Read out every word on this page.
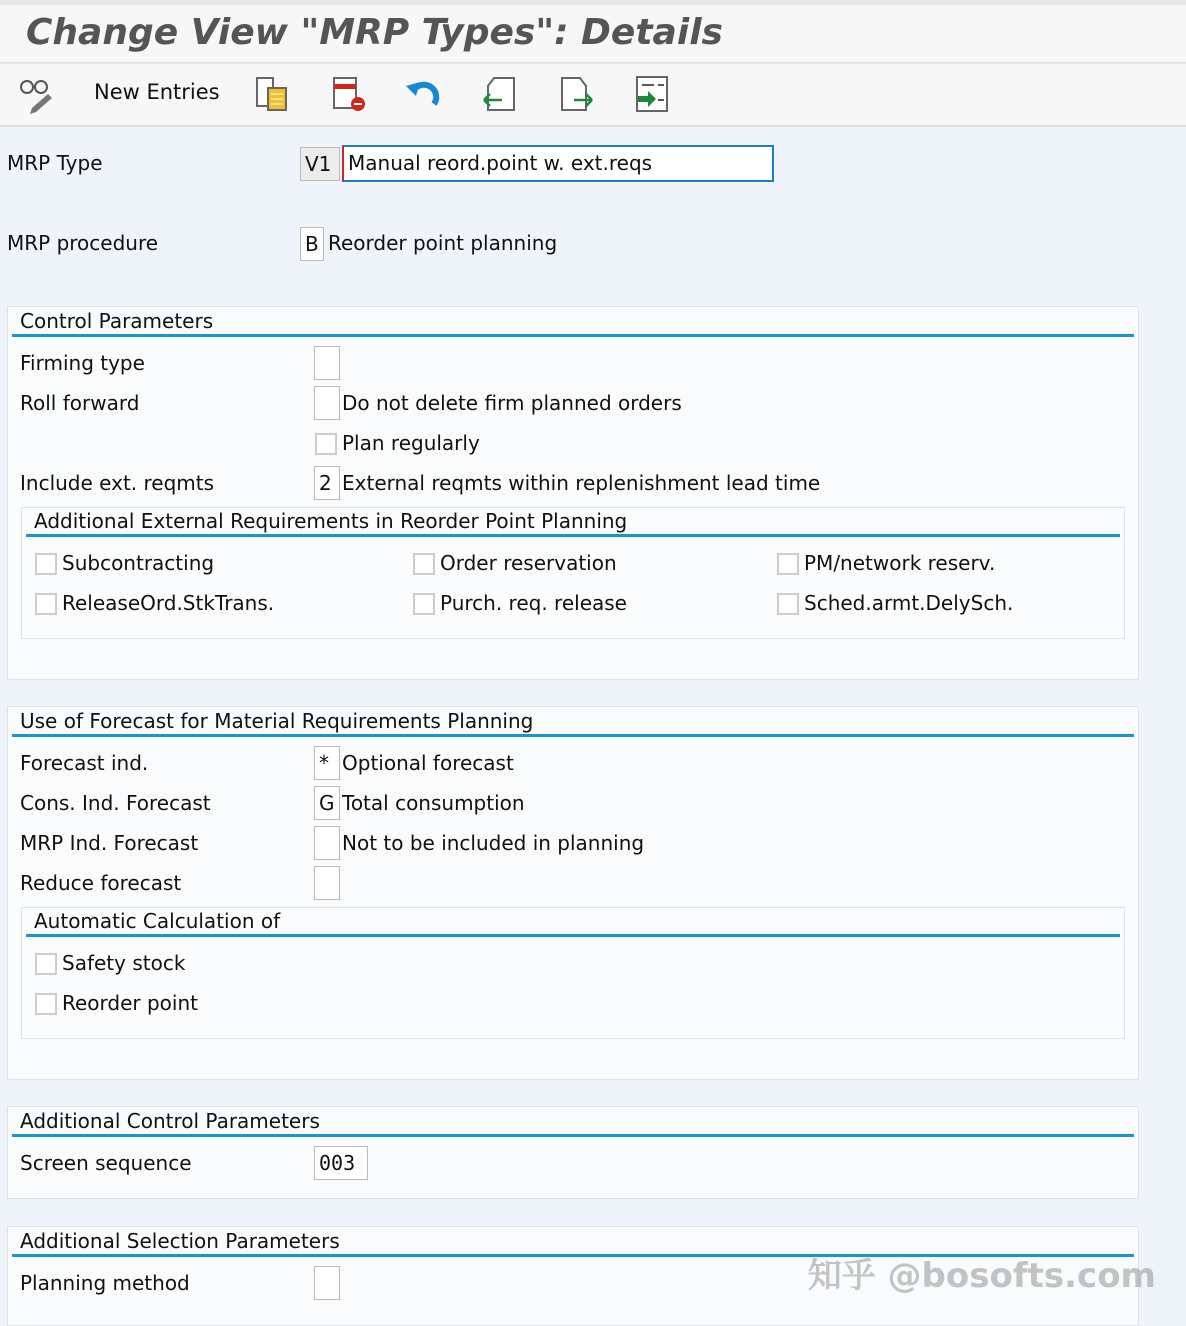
Change View "MRP Types": Details
New Entries
MRP Type	V1 Manual reord.point w. ext.reqs
MRP procedure	B Reorder point planning
Control Parameters
Firming type
Roll forward	Do not delete firm planned orders
Plan regularly
Include ext. reqmts	2 External reqmts within replenishment lead time
Additional External Requirements in Reorder Point Planning
Subcontracting	Order reservation	PM/network reserv.
ReleaseOrd.StkTrans.	Purch. req. release	Sched.armt.DelySch.
Use of Forecast for Material Requirements Planning
Forecast ind.	* Optional forecast
Cons. Ind. Forecast	G Total consumption
MRP Ind. Forecast	Not to be included in planning
Reduce forecast
Automatic Calculation of
Safety stock
Reorder point
Additional Control Parameters
Screen sequence	003
Additional Selection Parameters
Planning method	知乎 @bosofts.com
